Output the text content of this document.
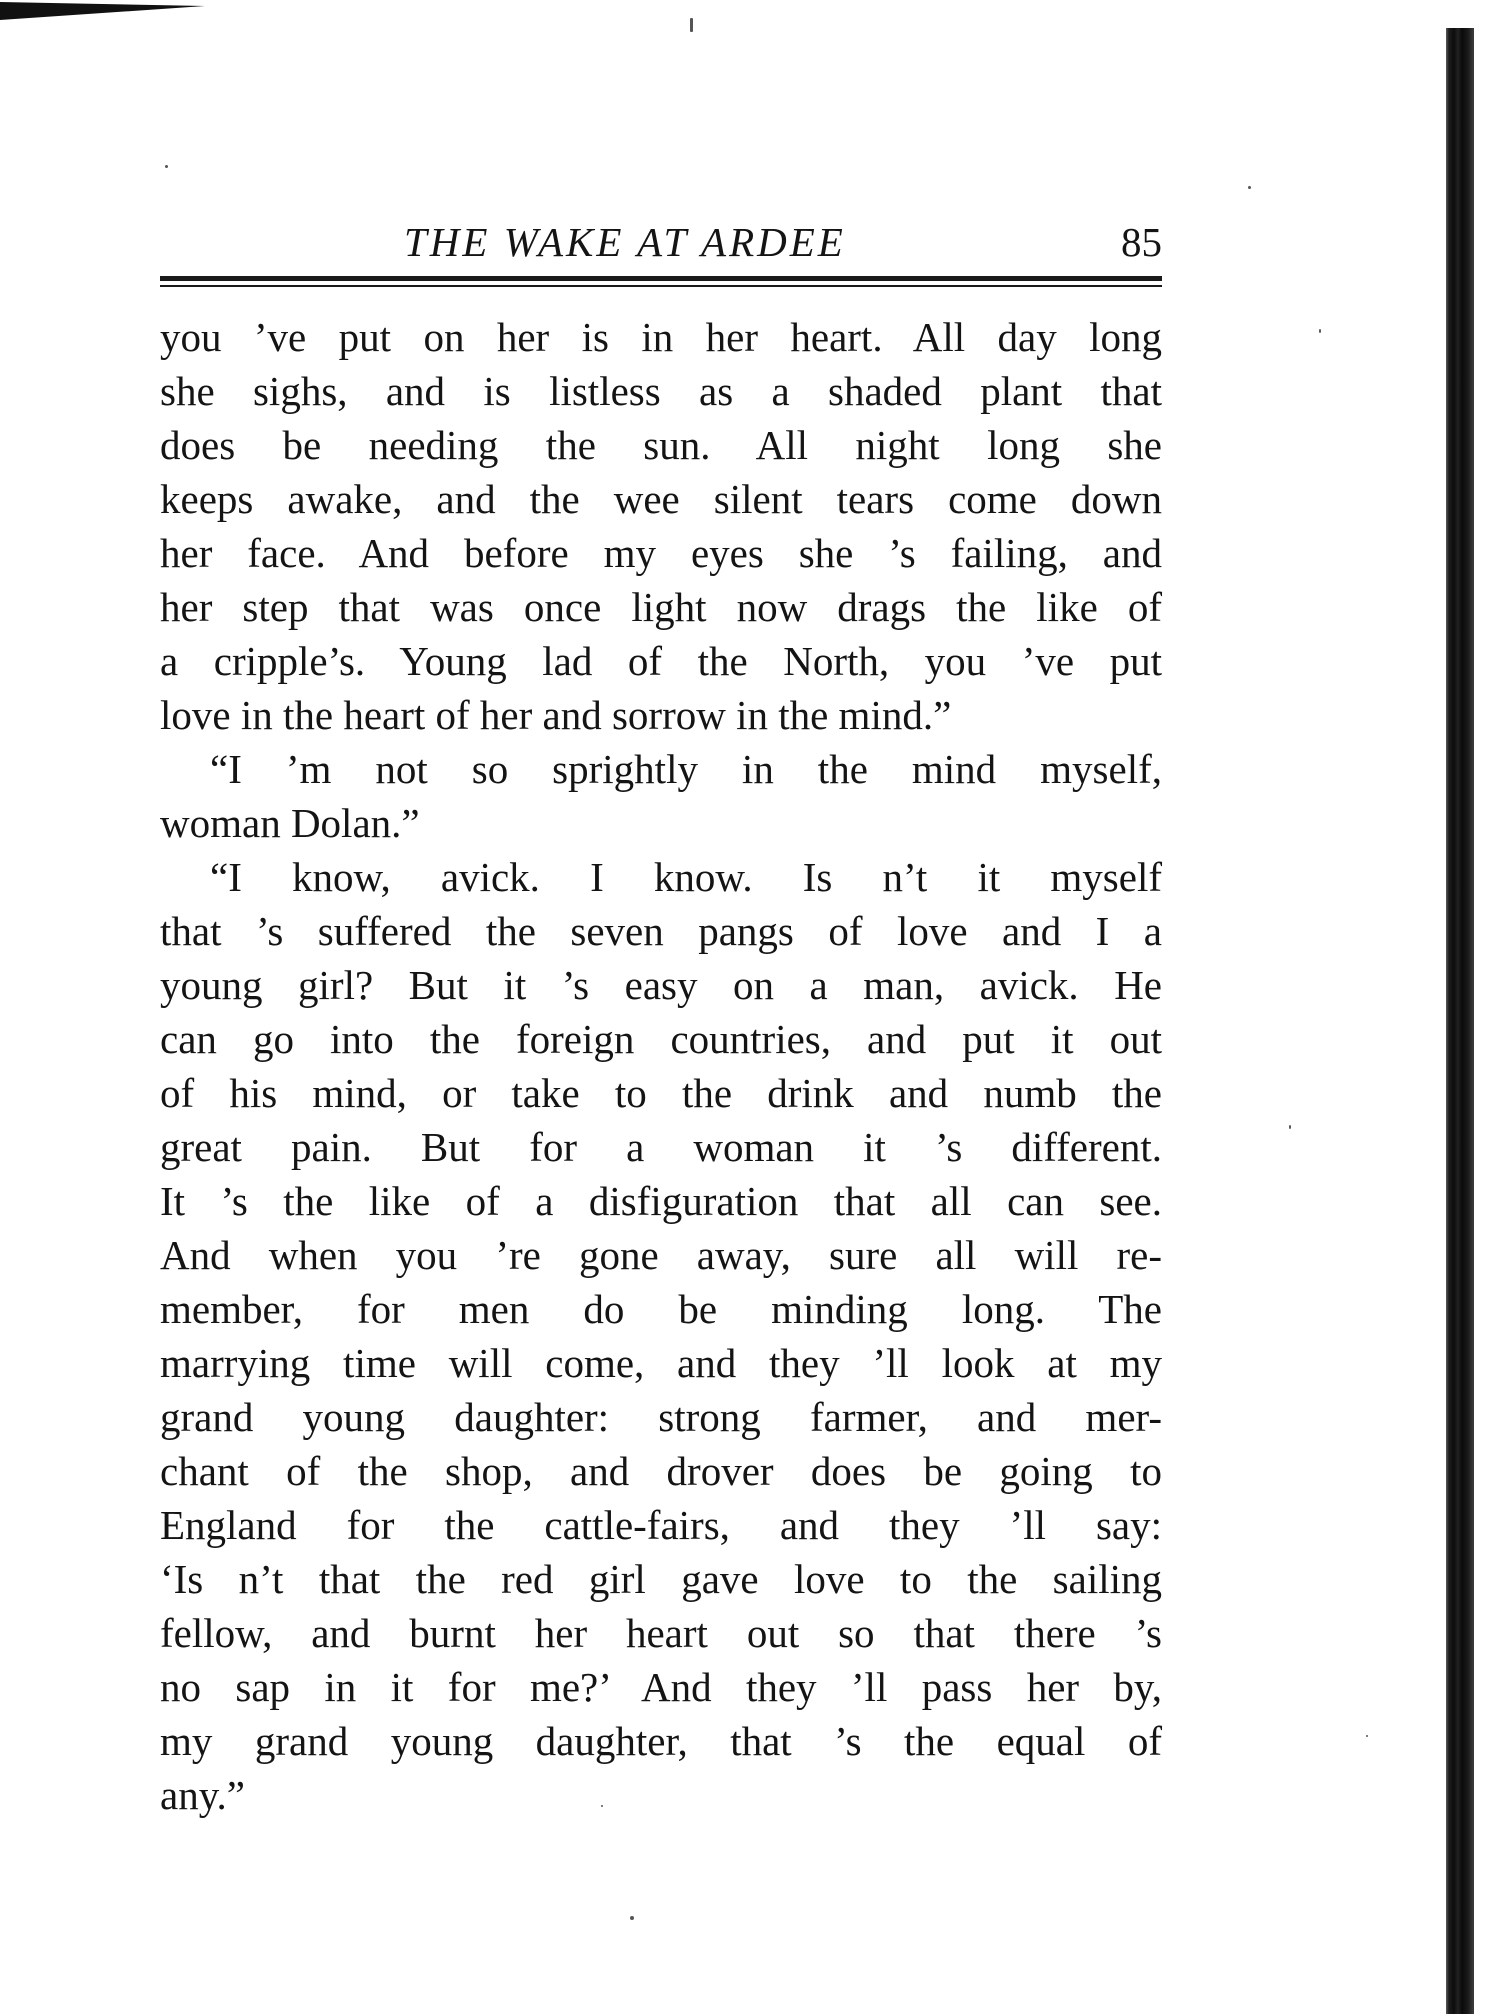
THE WAKE AT ARDEE	85
you ’ve put on her is in her heart. All day long
she sighs, and is listless as a shaded plant that
does be needing the sun. All night long she
keeps awake, and the wee silent tears come down
her face. And before my eyes she ’s failing, and
her step that was once light now drags the like of
a cripple’s. Young lad of the North, you ’ve put
love in the heart of her and sorrow in the mind.”
“I ’m not so sprightly in the mind myself,
woman Dolan.”
“I know, avick. I know. Is n’t it myself
that ’s suffered the seven pangs of love and I a
young girl? But it ’s easy on a man, avick. He
can go into the foreign countries, and put it out
of his mind, or take to the drink and numb the
great pain. But for a woman it ’s different.
It ’s the like of a disfiguration that all can see.
And when you ’re gone away, sure all will re-
member, for men do be minding long. The
marrying time will come, and they ’ll look at my
grand young daughter: strong farmer, and mer-
chant of the shop, and drover does be going to
England for the cattle-fairs, and they ’ll say:
‘Is n’t that the red girl gave love to the sailing
fellow, and burnt her heart out so that there ’s
no sap in it for me?’ And they ’ll pass her by,
my grand young daughter, that ’s the equal of
any.”
